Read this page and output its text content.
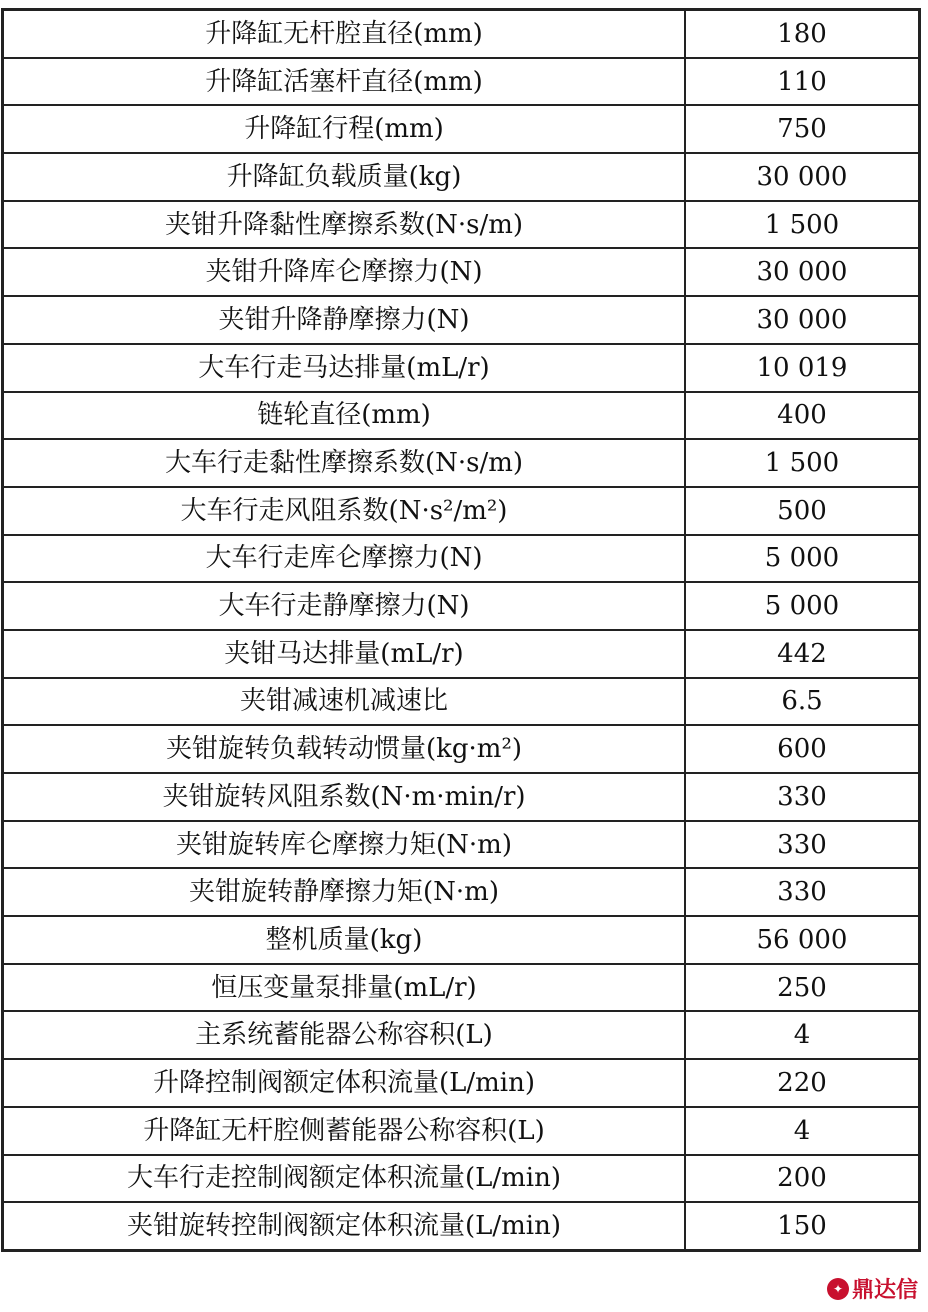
升降缸无杆腔直径(mm)	180
升降缸活塞杆直径(mm)	110
升降缸行程(mm)	750
升降缸负载质量(kg)	30 000
夹钳升降黏性摩擦系数(N·s/m)	1 500
夹钳升降库仑摩擦力(N)	30 000
夹钳升降静摩擦力(N)	30 000
大车行走马达排量(mL/r)	10 019
链轮直径(mm)	400
大车行走黏性摩擦系数(N·s/m)	1 500
大车行走风阻系数(N·s²/m²)	500
大车行走库仑摩擦力(N)	5 000
大车行走静摩擦力(N)	5 000
夹钳马达排量(mL/r)	442
夹钳减速机减速比	6.5
夹钳旋转负载转动惯量(kg·m²)	600
夹钳旋转风阻系数(N·m·min/r)	330
夹钳旋转库仑摩擦力矩(N·m)	330
夹钳旋转静摩擦力矩(N·m)	330
整机质量(kg)	56 000
恒压变量泵排量(mL/r)	250
主系统蓄能器公称容积(L)	4
升降控制阀额定体积流量(L/min)	220
升降缸无杆腔侧蓄能器公称容积(L)	4
大车行走控制阀额定体积流量(L/min)	200
夹钳旋转控制阀额定体积流量(L/min)	150
✦ 鼎达信
